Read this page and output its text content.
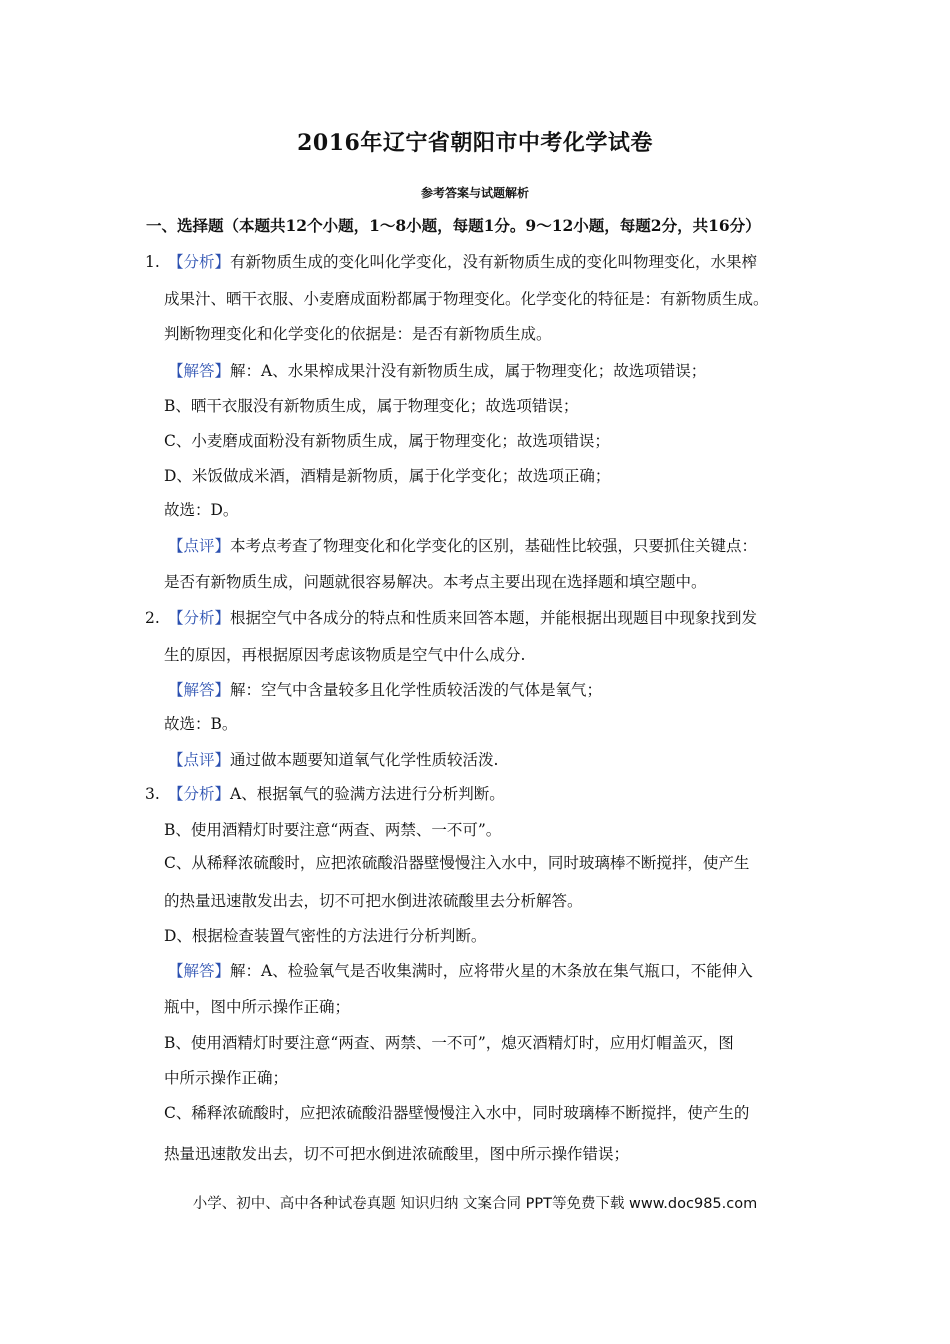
2016年辽宁省朝阳市中考化学试卷
参考答案与试题解析
一、选择题（本题共12个小题，1～8小题，每题1分。9～12小题，每题2分，共16分）
1. 【分析】有新物质生成的变化叫化学变化，没有新物质生成的变化叫物理变化，水果榨
成果汁、晒干衣服、小麦磨成面粉都属于物理变化。化学变化的特征是：有新物质生成。
判断物理变化和化学变化的依据是：是否有新物质生成。
【解答】解：A、水果榨成果汁没有新物质生成，属于物理变化；故选项错误；
B、晒干衣服没有新物质生成，属于物理变化；故选项错误；
C、小麦磨成面粉没有新物质生成，属于物理变化；故选项错误；
D、米饭做成米酒，酒精是新物质，属于化学变化；故选项正确；
故选：D。
【点评】本考点考查了物理变化和化学变化的区别，基础性比较强，只要抓住关键点：
是否有新物质生成，问题就很容易解决。本考点主要出现在选择题和填空题中。
2. 【分析】根据空气中各成分的特点和性质来回答本题，并能根据出现题目中现象找到发
生的原因，再根据原因考虑该物质是空气中什么成分.
【解答】解：空气中含量较多且化学性质较活泼的气体是氧气；
故选：B。
【点评】通过做本题要知道氧气化学性质较活泼.
3. 【分析】A、根据氧气的验满方法进行分析判断。
B、使用酒精灯时要注意“两查、两禁、一不可”。
C、从稀释浓硫酸时，应把浓硫酸沿器壁慢慢注入水中，同时玻璃棒不断搅拌，使产生
的热量迅速散发出去，切不可把水倒进浓硫酸里去分析解答。
D、根据检查装置气密性的方法进行分析判断。
【解答】解：A、检验氧气是否收集满时，应将带火星的木条放在集气瓶口，不能伸入
瓶中，图中所示操作正确；
B、使用酒精灯时要注意“两查、两禁、一不可”，熄灭酒精灯时，应用灯帽盖灭，图
中所示操作正确；
C、稀释浓硫酸时，应把浓硫酸沿器壁慢慢注入水中，同时玻璃棒不断搅拌，使产生的
热量迅速散发出去，切不可把水倒进浓硫酸里，图中所示操作错误；
小学、初中、高中各种试卷真题 知识归纳 文案合同 PPT等免费下载 www.doc985.com
